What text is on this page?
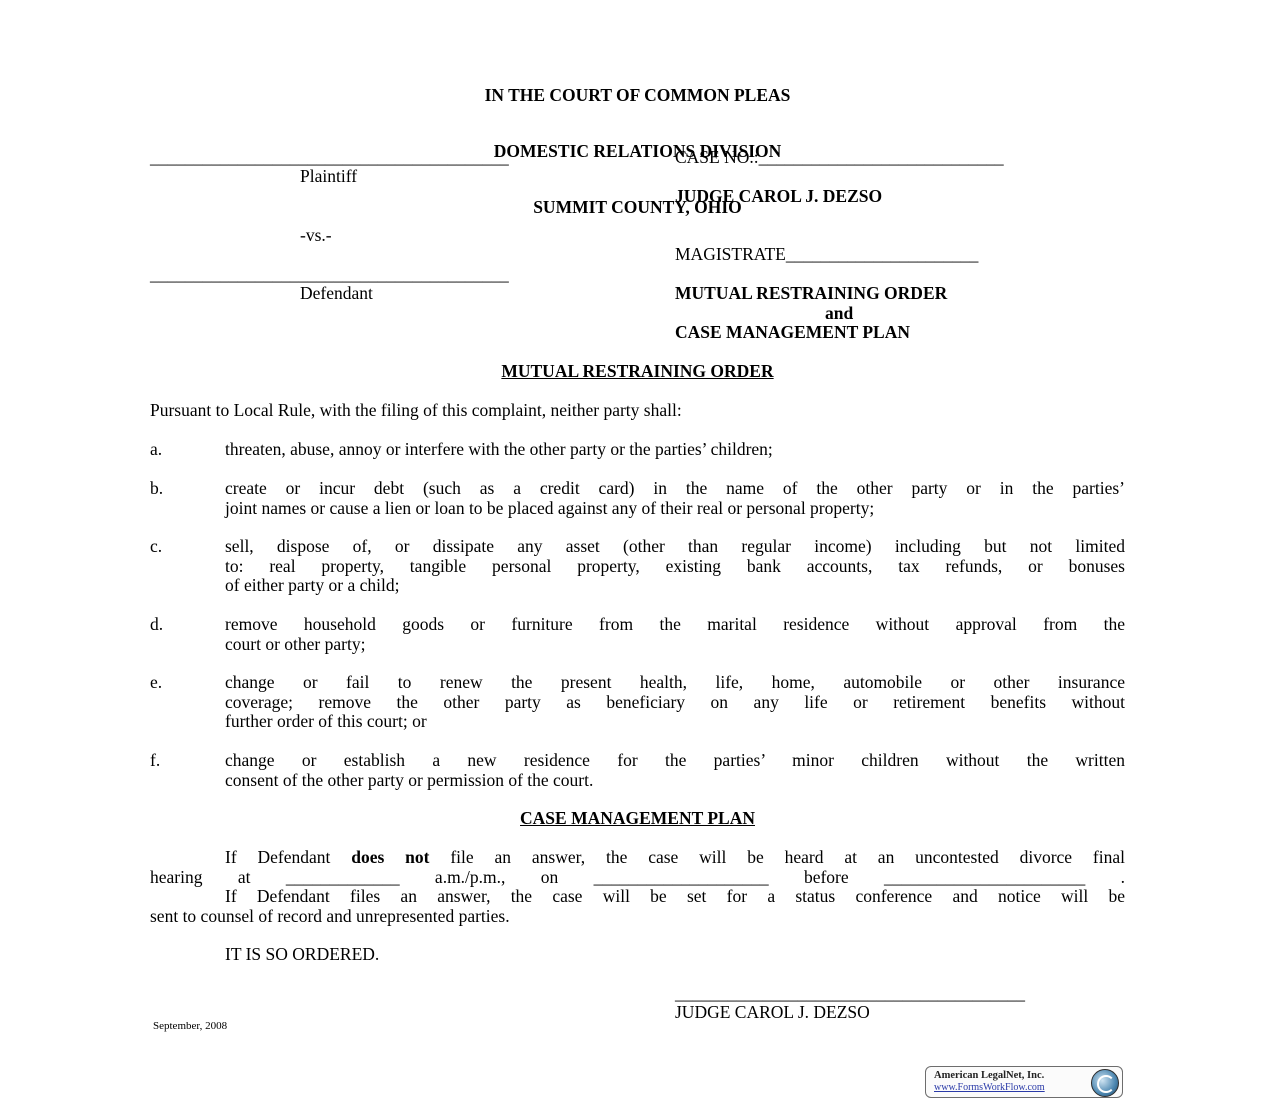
IN THE COURT OF COMMON PLEAS

DOMESTIC RELATIONS DIVISION

SUMMIT COUNTY, OHIO

_________________________________________
Plaintiff
-vs.-
_________________________________________
Defendant
CASE NO.:____________________________
JUDGE CAROL J. DEZSO
MAGISTRATE______________________
MUTUAL RESTRAINING ORDER
and
CASE MANAGEMENT PLAN
MUTUAL RESTRAINING ORDER
Pursuant to Local Rule, with the filing of this complaint, neither party shall:
a.	threaten, abuse, annoy or interfere with the other party or the parties’ children;
b.	create or incur debt (such as a credit card) in the name of the other party or in the parties’
joint names or cause a lien or loan to be placed against any of their real or personal property;
c.	sell, dispose of, or dissipate any asset (other than regular income) including but not limited
to: real property, tangible personal property, existing bank accounts, tax refunds, or bonuses
of either party or a child;
d.	remove household goods or furniture from the marital residence without approval from the
court or other party;
e.	change or fail to renew the present health, life, home, automobile or other insurance
coverage; remove the other party as beneficiary on any life or retirement benefits without
further order of this court; or
f.	change or establish a new residence for the parties’ minor children without the written
consent of the other party or permission of the court.
CASE MANAGEMENT PLAN
If Defendant does not file an answer, the case will be heard at an uncontested divorce final
hearing at _____________ a.m./p.m., on ____________________ before _______________________ .
If Defendant files an answer, the case will be set for a status conference and notice will be
sent to counsel of record and unrepresented parties.
IT IS SO ORDERED.
________________________________________
JUDGE CAROL J. DEZSO
September, 2008
American LegalNet, Inc.
www.FormsWorkFlow.com
